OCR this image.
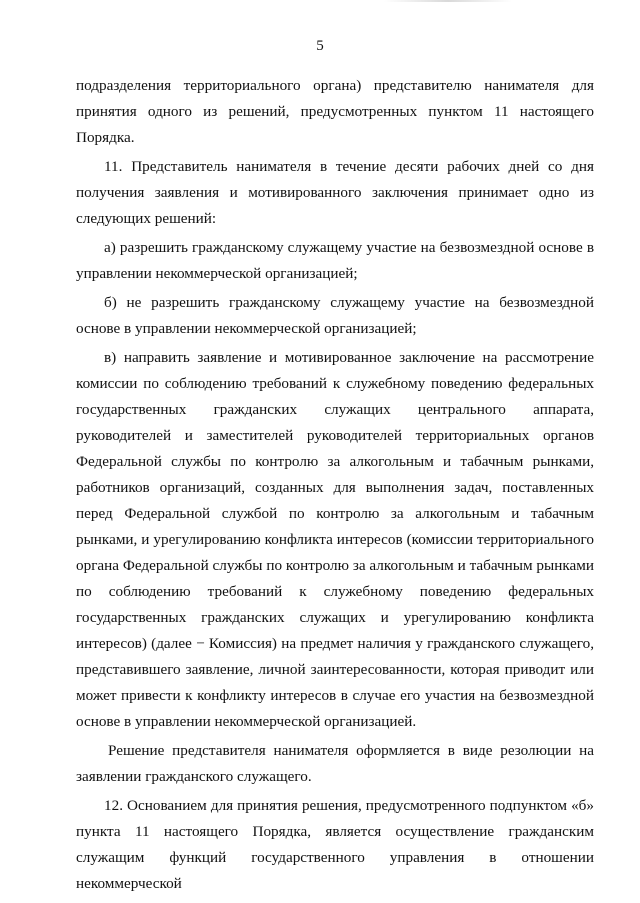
5

подразделения территориального органа) представителю нанимателя для принятия одного из решений, предусмотренных пунктом 11 настоящего Порядка.

11. Представитель нанимателя в течение десяти рабочих дней со дня получения заявления и мотивированного заключения принимает одно из следующих решений:

а) разрешить гражданскому служащему участие на безвозмездной основе в управлении некоммерческой организацией;

б) не разрешить гражданскому служащему участие на безвозмездной основе в управлении некоммерческой организацией;

в) направить заявление и мотивированное заключение на рассмотрение комиссии по соблюдению требований к служебному поведению федеральных государственных гражданских служащих центрального аппарата, руководителей и заместителей руководителей территориальных органов Федеральной службы по контролю за алкогольным и табачным рынками, работников организаций, созданных для выполнения задач, поставленных перед Федеральной службой по контролю за алкогольным и табачным рынками, и урегулированию конфликта интересов (комиссии территориального органа Федеральной службы по контролю за алкогольным и табачным рынками по соблюдению требований к служебному поведению федеральных государственных гражданских служащих и урегулированию конфликта интересов) (далее − Комиссия) на предмет наличия у гражданского служащего, представившего заявление, личной заинтересованности, которая приводит или может привести к конфликту интересов в случае его участия на безвозмездной основе в управлении некоммерческой организацией.

Решение представителя нанимателя оформляется в виде резолюции на заявлении гражданского служащего.

12. Основанием для принятия решения, предусмотренного подпунктом «б» пункта 11 настоящего Порядка, является осуществление гражданским служащим функций государственного управления в отношении некоммерческой
